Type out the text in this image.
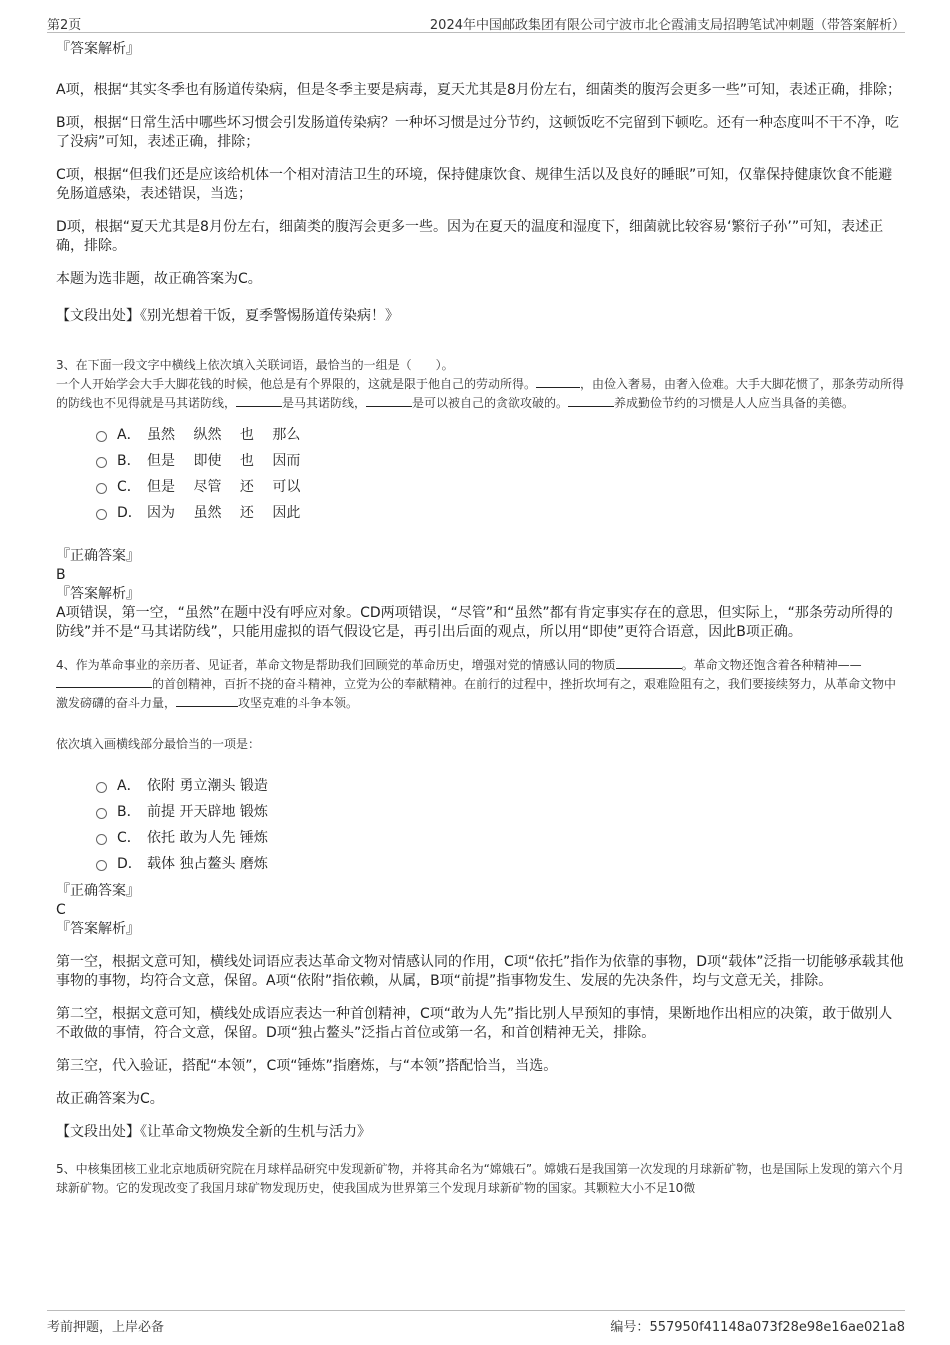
第2页	2024年中国邮政集团有限公司宁波市北仑霞浦支局招聘笔试冲刺题（带答案解析）

『答案解析』

A项，根据“其实冬季也有肠道传染病，但是冬季主要是病毒，夏天尤其是8月份左右，细菌类的腹泻会更多一些”可知，表述正确，排除；

B项，根据“日常生活中哪些坏习惯会引发肠道传染病？一种坏习惯是过分节约，这顿饭吃不完留到下顿吃。还有一种态度叫不干不净，吃了没病”可知，表述正确，排除；

C项，根据“但我们还是应该给机体一个相对清洁卫生的环境，保持健康饮食、规律生活以及良好的睡眠”可知，仅靠保持健康饮食不能避免肠道感染，表述错误，当选；

D项，根据“夏天尤其是8月份左右，细菌类的腹泻会更多一些。因为在夏天的温度和湿度下，细菌就比较容易‘繁衍子孙’”可知，表述正确，排除。

本题为选非题，故正确答案为C。

【文段出处】《别光想着干饭，夏季警惕肠道传染病！》

3、在下面一段文字中横线上依次填入关联词语，最恰当的一组是（　　）。

一个人开始学会大手大脚花钱的时候，他总是有个界限的，这就是限于他自己的劳动所得。	，由俭入奢易，由奢入俭难。大手大脚花惯了，那条劳动所得的防线也不见得就是马其诺防线，	是马其诺防线，	是可以被自己的贪欲攻破的。	养成勤俭节约的习惯是人人应当具备的美德。

A． 虽然　 纵然　 也　 那么
B． 但是　 即使　 也　 因而
C． 但是　 尽管　 还　 可以
D． 因为　 虽然　 还　 因此

『正确答案』

B

『答案解析』

A项错误，第一空，“虽然”在题中没有呼应对象。CD两项错误，“尽管”和“虽然”都有肯定事实存在的意思，但实际上，“那条劳动所得的防线”并不是“马其诺防线”，只能用虚拟的语气假设它是，再引出后面的观点，所以用“即使”更符合语意，因此B项正确。

4、作为革命事业的亲历者、见证者，革命文物是帮助我们回顾党的革命历史，增强对党的情感认同的物质	。革命文物还饱含着各种精神——的首创精神，百折不挠的奋斗精神，立党为公的奉献精神。在前行的过程中，挫折坎坷有之，艰难险阻有之，我们要接续努力，从革命文物中激发磅礴的奋斗力量，	攻坚克难的斗争本领。

依次填入画横线部分最恰当的一项是：

A． 依附 勇立潮头 锻造
B． 前提 开天辟地 锻炼
C． 依托 敢为人先 锤炼
D． 载体 独占鳌头 磨炼

『正确答案』

C

『答案解析』

第一空，根据文意可知，横线处词语应表达革命文物对情感认同的作用，C项“依托”指作为依靠的事物，D项“载体”泛指一切能够承载其他事物的事物，均符合文意，保留。A项“依附”指依赖，从属，B项“前提”指事物发生、发展的先决条件，均与文意无关，排除。

第二空，根据文意可知，横线处成语应表达一种首创精神，C项“敢为人先”指比别人早预知的事情，果断地作出相应的决策，敢于做别人不敢做的事情，符合文意，保留。D项“独占鳌头”泛指占首位或第一名，和首创精神无关，排除。

第三空，代入验证，搭配“本领”，C项“锤炼”指磨炼，与“本领”搭配恰当，当选。

故正确答案为C。

【文段出处】《让革命文物焕发全新的生机与活力》

5、中核集团核工业北京地质研究院在月球样品研究中发现新矿物，并将其命名为“嫦娥石”。嫦娥石是我国第一次发现的月球新矿物，也是国际上发现的第六个月球新矿物。它的发现改变了我国月球矿物发现历史，使我国成为世界第三个发现月球新矿物的国家。其颗粒大小不足10微

考前押题，上岸必备	编号：557950f41148a073f28e98e16ae021a8
